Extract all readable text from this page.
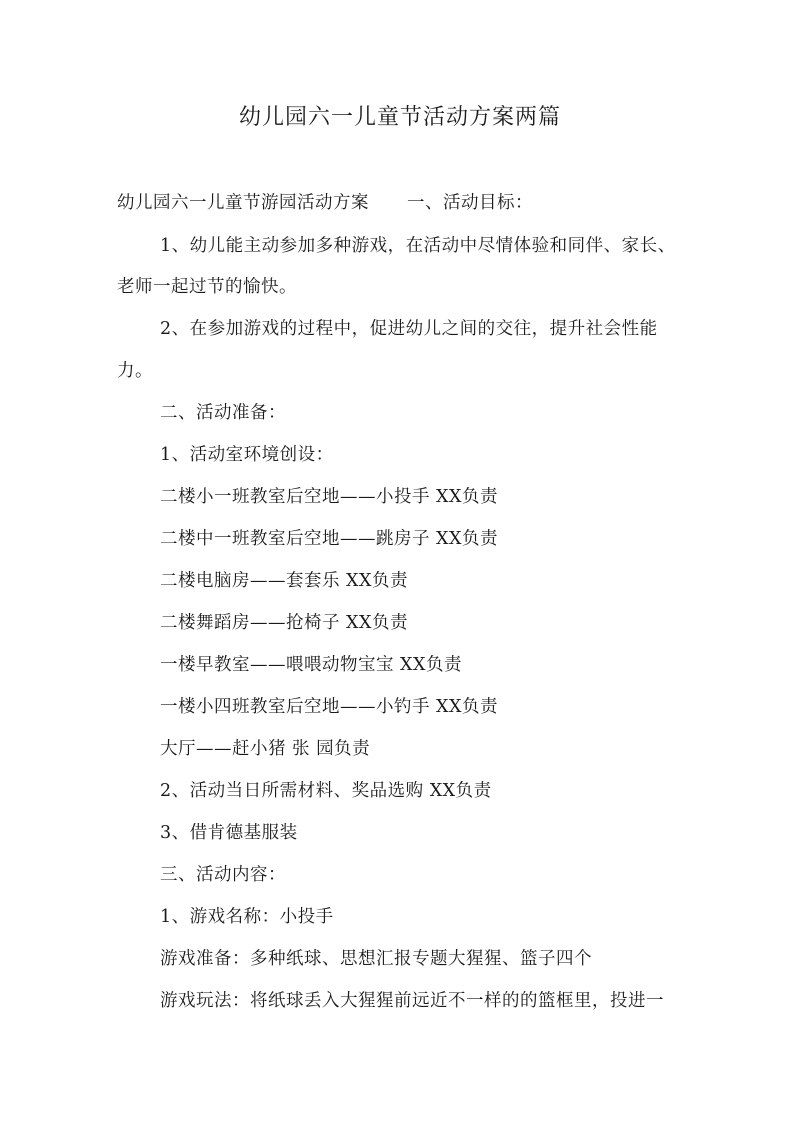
幼儿园六一儿童节活动方案两篇
幼儿园六一儿童节游园活动方案 一、活动目标：
1、幼儿能主动参加多种游戏，在活动中尽情体验和同伴、家长、
老师一起过节的愉快。
2、在参加游戏的过程中，促进幼儿之间的交往，提升社会性能
力。
二、活动准备：
1、活动室环境创设：
二楼小一班教室后空地——小投手 XX负责
二楼中一班教室后空地——跳房子 XX负责
二楼电脑房——套套乐 XX负责
二楼舞蹈房——抢椅子 XX负责
一楼早教室——喂喂动物宝宝 XX负责
一楼小四班教室后空地——小钓手 XX负责
大厅——赶小猪 张 园负责
2、活动当日所需材料、奖品选购 XX负责
3、借肯德基服装
三、活动内容：
1、游戏名称：小投手
游戏准备：多种纸球、思想汇报专题大猩猩、篮子四个
游戏玩法：将纸球丢入大猩猩前远近不一样的的篮框里，投进一
